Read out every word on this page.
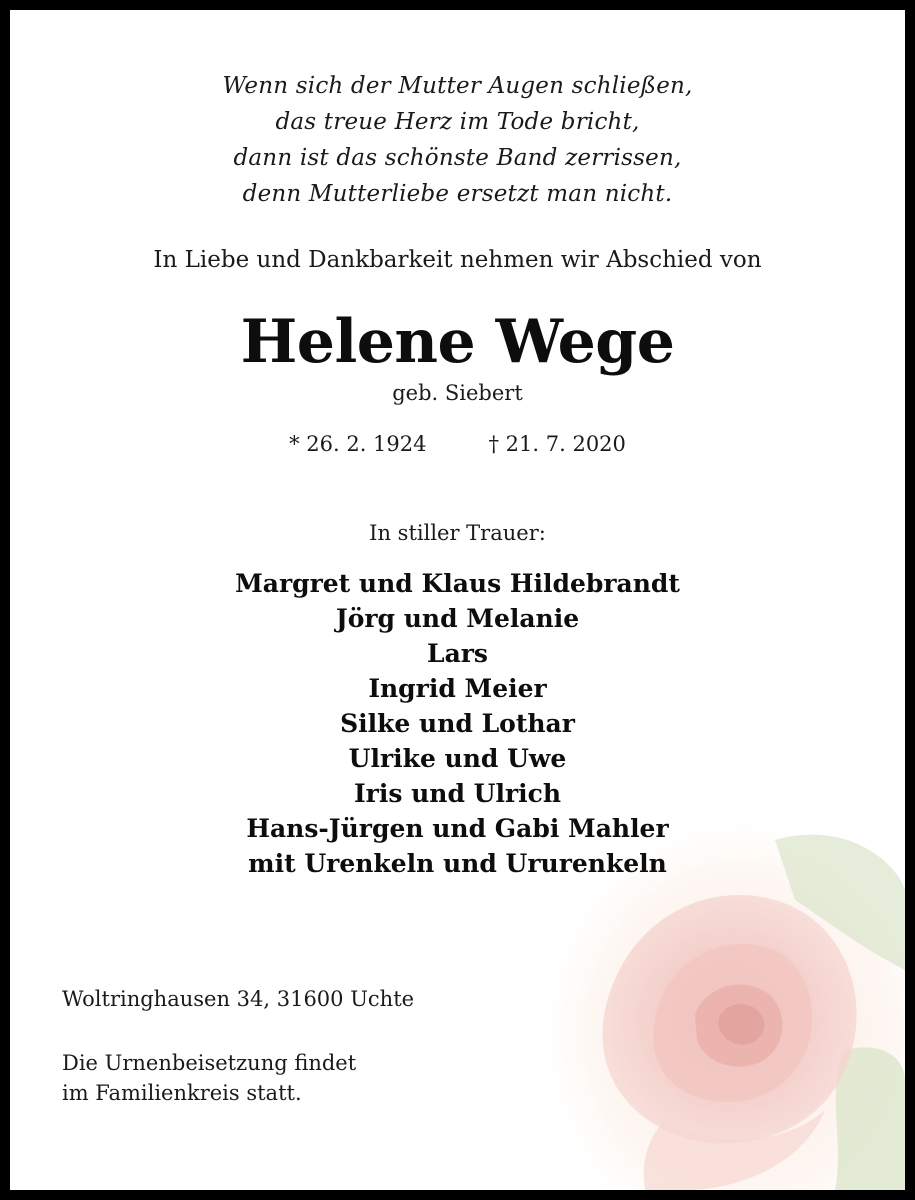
Wenn sich der Mutter Augen schließen,
das treue Herz im Tode bricht,
dann ist das schönste Band zerrissen,
denn Mutterliebe ersetzt man nicht.
In Liebe und Dankbarkeit nehmen wir Abschied von
Helene Wege
geb. Siebert
* 26. 2. 1924	† 21. 7. 2020
In stiller Trauer:
Margret und Klaus Hildebrandt
Jörg und Melanie
Lars
Ingrid Meier
Silke und Lothar
Ulrike und Uwe
Iris und Ulrich
Hans-Jürgen und Gabi Mahler
mit Urenkeln und Ururenkeln
Woltringhausen 34, 31600 Uchte
Die Urnenbeisetzung findet
im Familienkreis statt.
